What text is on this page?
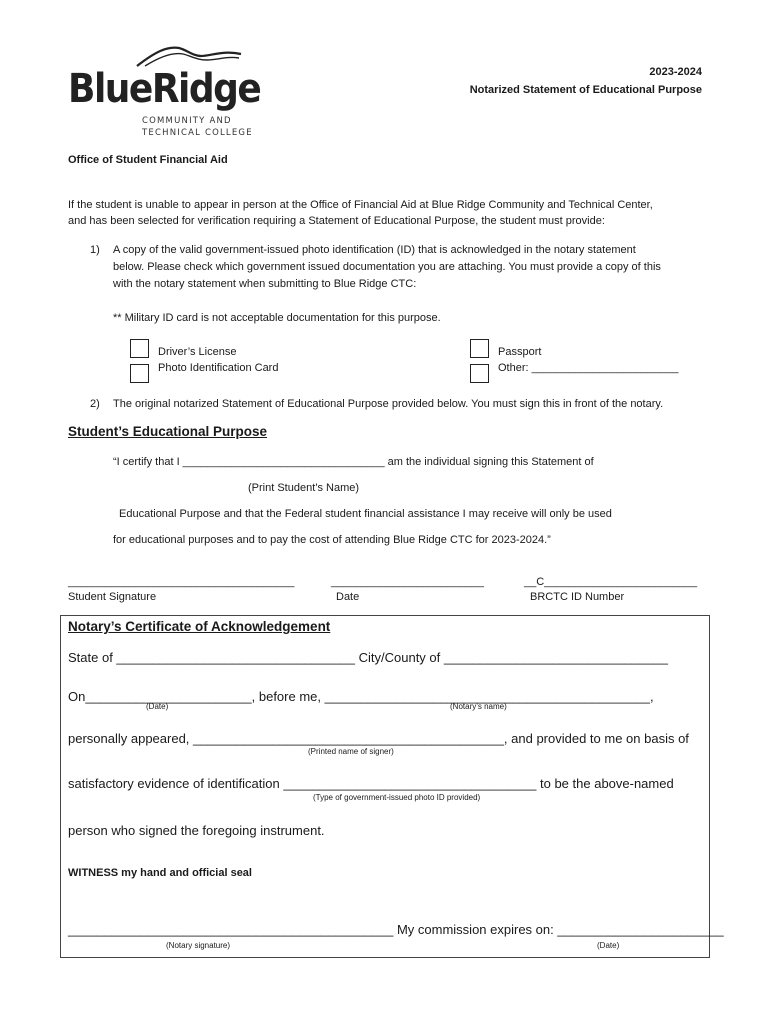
BlueRidge
COMMUNITY AND
TECHNICAL COLLEGE
2023-2024
Notarized Statement of Educational Purpose
Office of Student Financial Aid
If the student is unable to appear in person at the Office of Financial Aid at Blue Ridge Community and Technical Center,
and has been selected for verification requiring a Statement of Educational Purpose, the student must provide:
1) A copy of the valid government-issued photo identification (ID) that is acknowledged in the notary statement
below. Please check which government issued documentation you are attaching. You must provide a copy of this
with the notary statement when submitting to Blue Ridge CTC:
** Military ID card is not acceptable documentation for this purpose.
Driver’s License
Photo Identification Card
Passport
Other: ________________________
2) The original notarized Statement of Educational Purpose provided below. You must sign this in front of the notary.
Student’s Educational Purpose
“I certify that I _________________________________ am the individual signing this Statement of
(Print Student’s Name)
Educational Purpose and that the Federal student financial assistance I may receive will only be used
for educational purposes and to pay the cost of attending Blue Ridge CTC for 2023-2024.”
_____________________________________	_________________________	__C_________________________
Student Signature	Date	BRCTC ID Number
Notary’s Certificate of Acknowledgement
State of _________________________________ City/County of _______________________________
On_______________________, before me, _____________________________________________,
(Date)	(Notary’s name)
personally appeared, ___________________________________________, and provided to me on basis of
(Printed name of signer)
satisfactory evidence of identification ___________________________________ to be the above-named
(Type of government-issued photo ID provided)
person who signed the foregoing instrument.
WITNESS my hand and official seal
_____________________________________________ My commission expires on: _______________________
(Notary signature)	(Date)
